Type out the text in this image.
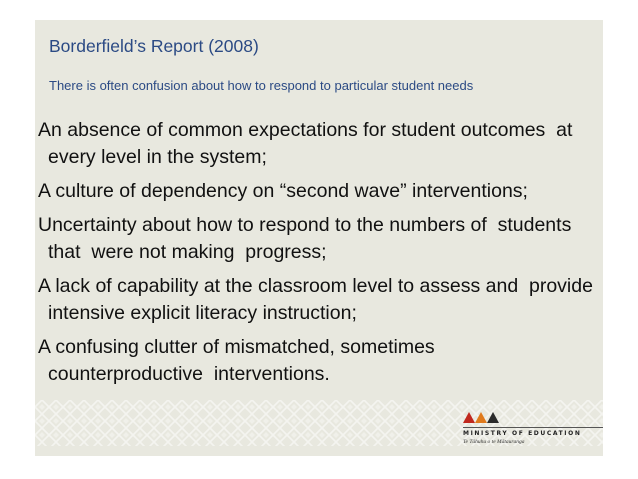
Borderfield’s Report (2008)
There is often confusion about how to respond to particular student needs
An absence of common expectations for student outcomes  at every level in the system;
A culture of dependency on “second wave” interventions;
Uncertainty about how to respond to the numbers of  students that  were not making  progress;
A lack of capability at the classroom level to assess and  provide  intensive explicit literacy instruction;
A confusing clutter of mismatched, sometimes  counterproductive  interventions.
MINISTRY OF EDUCATION
Te Tāhuhu o te Mātauranga
